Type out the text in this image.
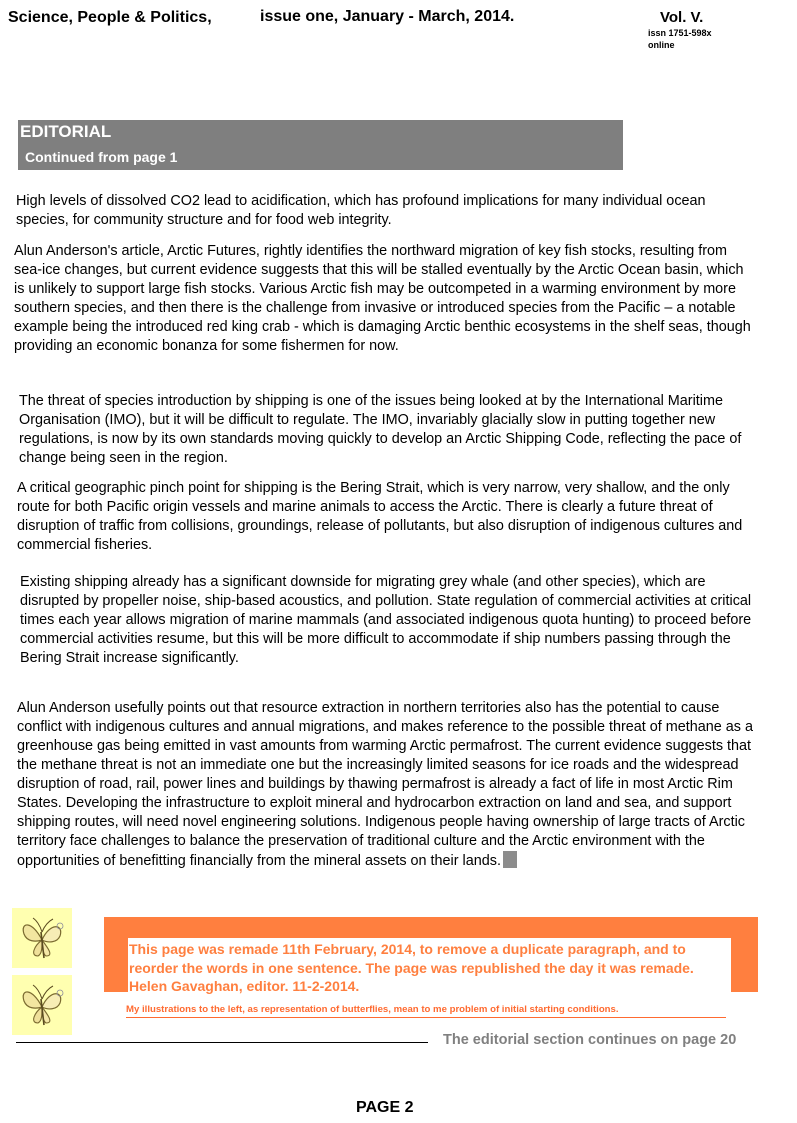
Science, People & Politics,	issue one, January - March, 2014.	Vol. V.
issn 1751-598x
online
EDITORIAL
Continued from page 1

High levels of dissolved CO2 lead to acidification, which has profound implications for many individual ocean species, for community structure and for food web integrity.

Alun Anderson's article, Arctic Futures, rightly identifies the northward migration of key fish stocks, resulting from sea-ice changes, but current evidence suggests that this will be stalled eventually by the Arctic Ocean basin, which is unlikely to support large fish stocks. Various Arctic fish may be outcompeted in a warming environment by more southern species, and then there is the challenge from invasive or introduced species from the Pacific – a notable example being the introduced red king crab - which is damaging Arctic benthic ecosystems in the shelf seas, though providing an economic bonanza for some fishermen for now.

The threat of species introduction by shipping is one of the issues being looked at by the International Maritime Organisation (IMO), but it will be difficult to regulate. The IMO, invariably glacially slow in putting together new regulations, is now by its own standards moving quickly to develop an Arctic Shipping Code, reflecting the pace of change being seen in the region.

A critical geographic pinch point for shipping is the Bering Strait, which is very narrow, very shallow, and the only route for both Pacific origin vessels and marine animals to access the Arctic. There is clearly a future threat of disruption of traffic from collisions, groundings, release of pollutants, but also disruption of indigenous cultures and commercial fisheries.

Existing shipping already has a significant downside for migrating grey whale (and other species), which are disrupted by propeller noise, ship-based acoustics, and pollution. State regulation of commercial activities at critical times each year allows migration of marine mammals (and associated indigenous quota hunting) to proceed before commercial activities resume, but this will be more difficult to accommodate if ship numbers passing through the Bering Strait increase significantly.

Alun Anderson usefully points out that resource extraction in northern territories also has the potential to cause conflict with indigenous cultures and annual migrations, and makes reference to the possible threat of methane as a greenhouse gas being emitted in vast amounts from warming Arctic permafrost. The current evidence suggests that the methane threat is not an immediate one but the increasingly limited seasons for ice roads and the widespread disruption of road, rail, power lines and buildings by thawing permafrost is already a fact of life in most Arctic Rim States. Developing the infrastructure to exploit mineral and hydrocarbon extraction on land and sea, and support shipping routes, will need novel engineering solutions. Indigenous people having ownership of large tracts of Arctic territory face challenges to balance the preservation of traditional culture and the Arctic environment with the opportunities of benefitting financially from the mineral assets on their lands.

This page was remade 11th February, 2014, to remove a duplicate paragraph, and to reorder the words in one sentence. The page was republished the day it was remade. Helen Gavaghan, editor. 11-2-2014.
My illustrations to the left, as representation of butterflies, mean to me problem of initial starting conditions.
The editorial section continues on page 20
PAGE 2
